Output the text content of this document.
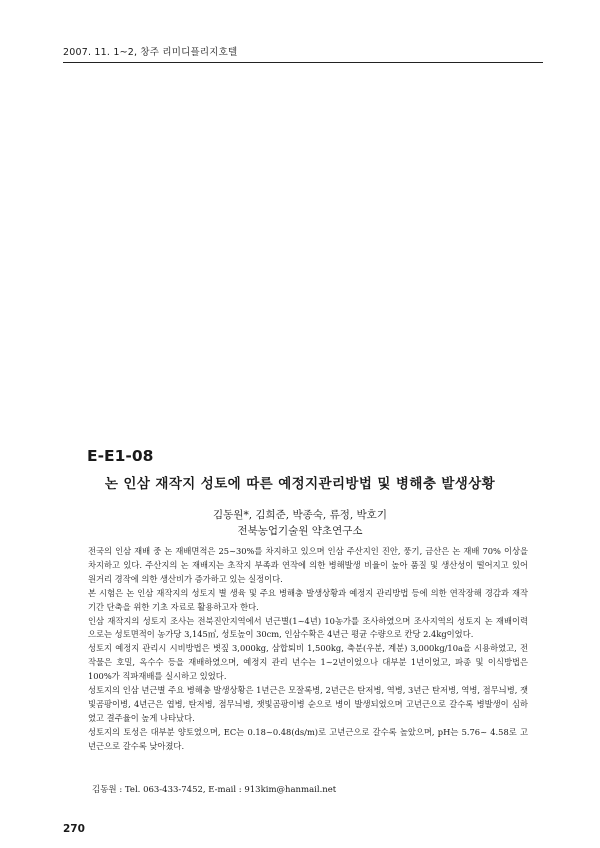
2007. 11. 1~2, 창주 리미디플리지호텔
E-E1-08
논 인삼 재작지 성토에 따른 예정지관리방법 및 병해충 발생상황
김동원*, 김희준, 박종숙, 류정, 박호기
전북농업기술원 약초연구소

전국의 인삼 재배 중 논 재배면적은 25~30%를 차지하고 있으며 인삼 주산지인 진안, 풍기, 금산은 논 재배 70% 이상을 차지하고 있다. 주산지의 논 재배지는 초작지 부족과 연작에 의한 병해발생 비율이 높아 품질 및 생산성이 떨어지고 있어 원거리 경작에 의한 생산비가 증가하고 있는 실정이다.

본 시험은 논 인삼 재작지의 성토지 별 생육 및 주요 병해충 발생상황과 예정지 관리방법 등에 의한 연작장해 경감과 재작기간 단축을 위한 기초 자료로 활용하고자 한다.

인삼 재작지의 성토지 조사는 전북진안지역에서 년근별(1~4년) 10농가를 조사하였으며 조사지역의 성토지 논 재배이력으로는 성토면적이 농가당 3,145㎡, 성토높이 30cm, 인삼수확은 4년근 평균 수량으로 칸당 2.4kg이었다.

성토지 예정지 관리시 시비방법은 볏짚 3,000kg, 삼합퇴비 1,500kg, 축분(우분, 계분) 3,000kg/10a을 시용하였고, 전작물은 호밀, 옥수수 등을 재배하였으며, 예정지 관리 년수는 1~2년이었으나 대부분 1년이었고, 파종 및 이식방법은 100%가 직파재배를 실시하고 있었다.

성토지의 인삼 년근별 주요 병해충 발생상황은 1년근은 모잘록병, 2년근은 탄저병, 역병, 3년근 탄저병, 역병, 점무늬병, 잿빛곰팡이병, 4년근은 엽병, 탄저병, 점무늬병, 잿빛곰팡이병 순으로 병이 발생되었으며 고년근으로 갈수록 병발생이 심하였고 결주율이 높게 나타났다.

성토지의 토성은 대부분 양토였으며, EC는 0.18~0.48(ds/m)로 고년근으로 갈수록 높았으며, pH는 5.76~ 4.58로 고년근으로 갈수록 낮아졌다.

김동원 : Tel. 063-433-7452, E-mail : 913kim@hanmail.net
270
